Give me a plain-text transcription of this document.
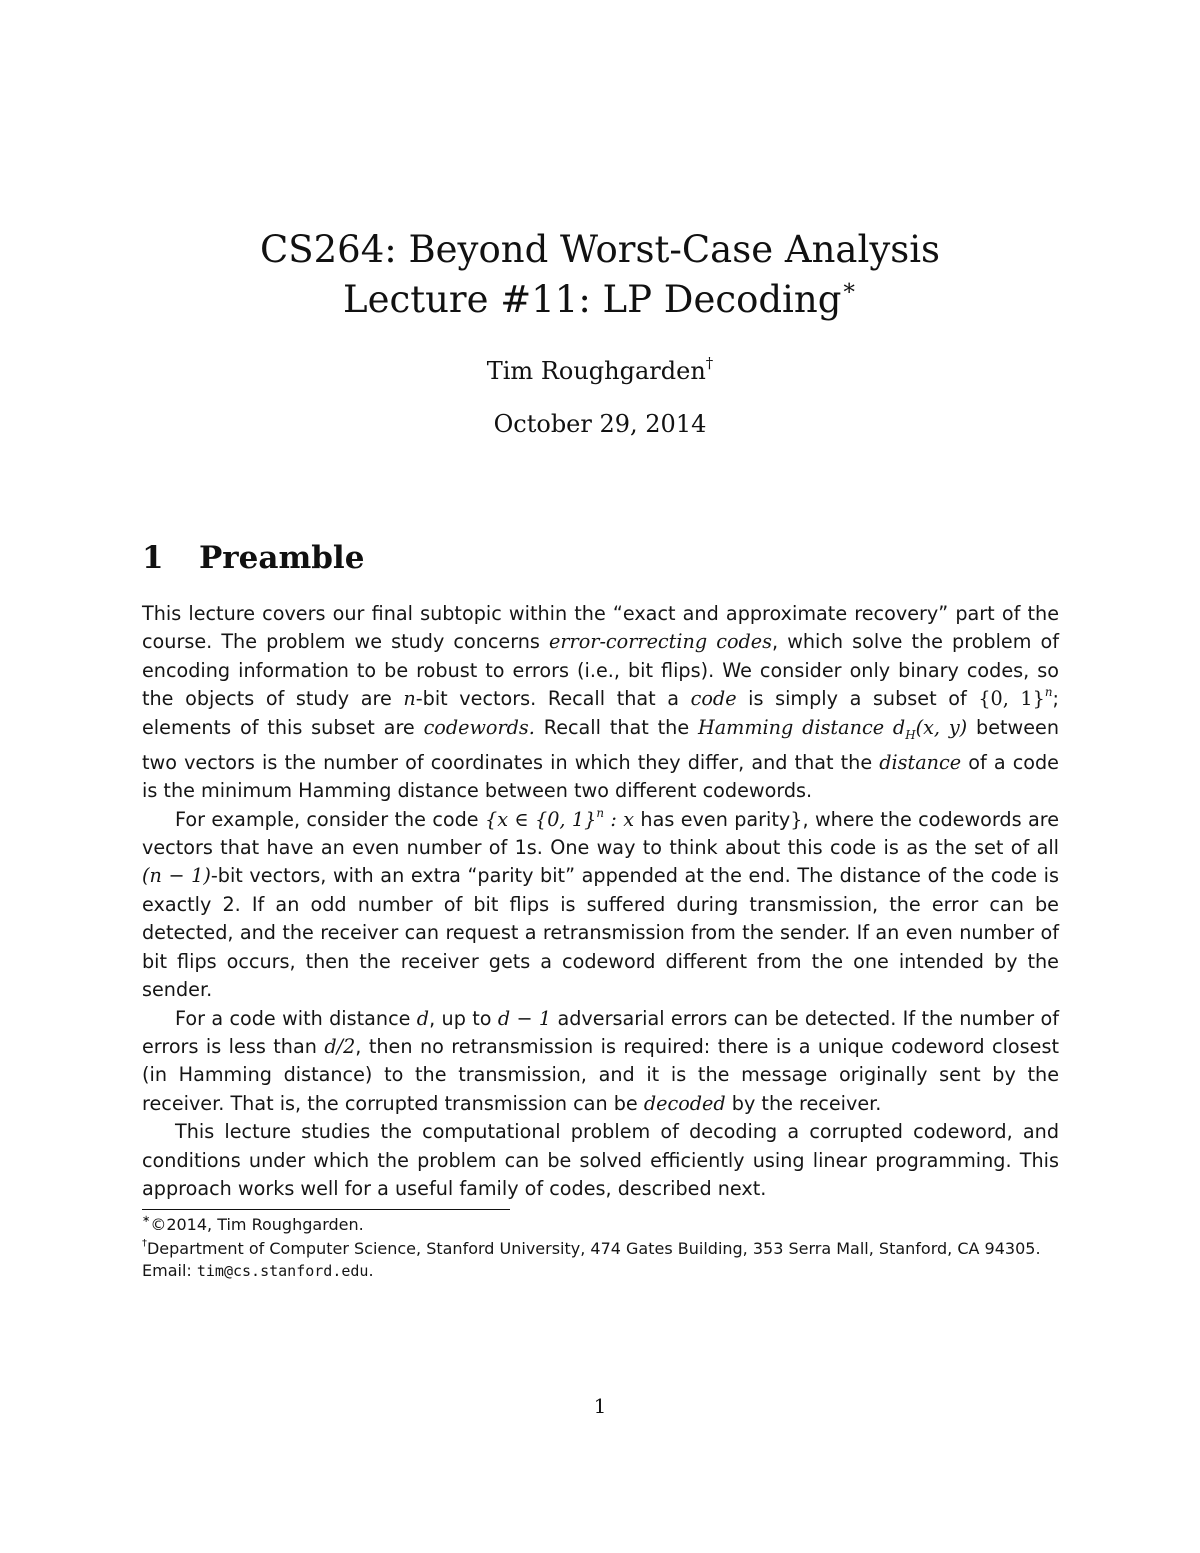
CS264: Beyond Worst-Case Analysis
Lecture #11: LP Decoding∗
Tim Roughgarden†
October 29, 2014
1 Preamble

This lecture covers our final subtopic within the “exact and approximate recovery” part of the course. The problem we study concerns error-correcting codes, which solve the problem of encoding information to be robust to errors (i.e., bit flips). We consider only binary codes, so the objects of study are n-bit vectors. Recall that a code is simply a subset of {0, 1}$^n$; elements of this subset are codewords. Recall that the Hamming distance $d_H(x$, y) between two vectors is the number of coordinates in which they differ, and that the distance of a code is the minimum Hamming distance between two different codewords.

For example, consider the code {x ∈ {0, 1}$^n$ : x has even parity}, where the codewords are vectors that have an even number of 1s. One way to think about this code is as the set of all (n − 1)-bit vectors, with an extra “parity bit” appended at the end. The distance of the code is exactly 2. If an odd number of bit flips is suffered during transmission, the error can be detected, and the receiver can request a retransmission from the sender. If an even number of bit flips occurs, then the receiver gets a codeword different from the one intended by the sender.

For a code with distance d, up to d − 1 adversarial errors can be detected. If the number of errors is less than d/2, then no retransmission is required: there is a unique codeword closest (in Hamming distance) to the transmission, and it is the message originally sent by the receiver. That is, the corrupted transmission can be decoded by the receiver.

This lecture studies the computational problem of decoding a corrupted codeword, and conditions under which the problem can be solved efficiently using linear programming. This approach works well for a useful family of codes, described next.

∗©2014, Tim Roughgarden.
†Department of Computer Science, Stanford University, 474 Gates Building, 353 Serra Mall, Stanford, CA 94305. Email: tim@cs.stanford.edu.
1
